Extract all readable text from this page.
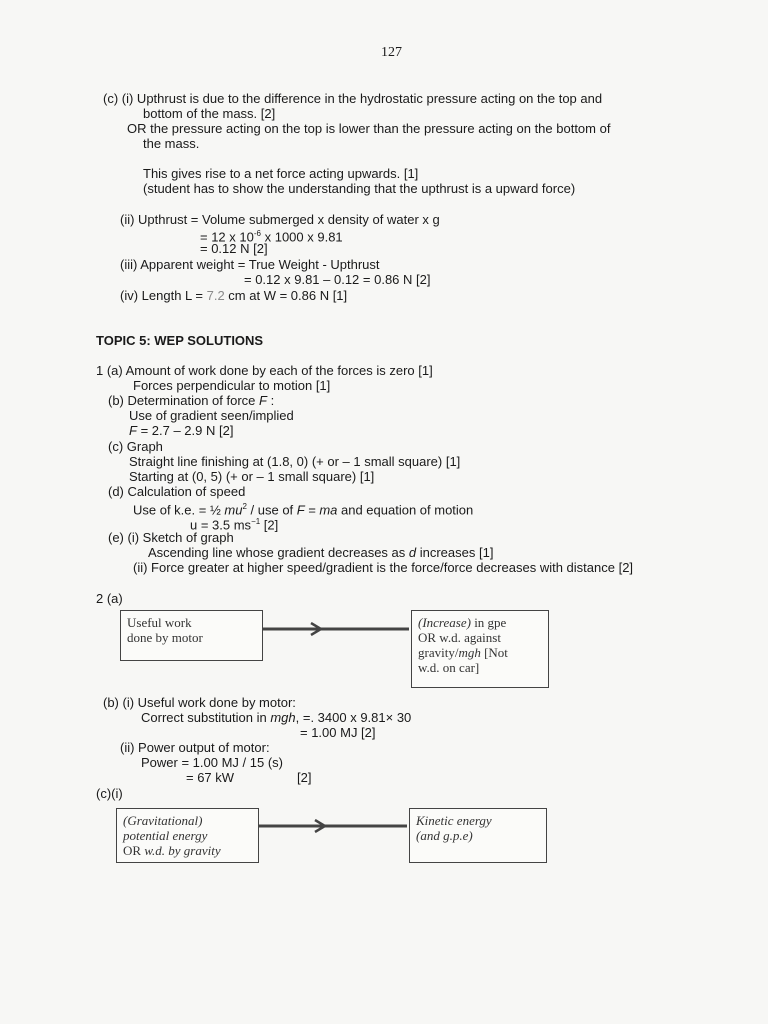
127
(c) (i) Upthrust is due to the difference in the hydrostatic pressure acting on the top and
bottom of the mass. [2]
OR the pressure acting on the top is lower than the pressure acting on the bottom of
the mass.
This gives rise to a net force acting upwards. [1]
(student has to show the understanding that the upthrust is a upward force)
(ii) Upthrust = Volume submerged x density of water x g
= 12 x $10^{-6}$ x 1000 x 9.81
= 0.12 N [2]
(iii) Apparent weight = True Weight - Upthrust
= 0.12 x 9.81 – 0.12 = 0.86 N [2]
(iv) Length L = 7.2 cm at W = 0.86 N [1]
TOPIC 5: WEP SOLUTIONS
1 (a) Amount of work done by each of the forces is zero [1]
Forces perpendicular to motion [1]
(b) Determination of force F :
Use of gradient seen/implied
F = 2.7 – 2.9 N [2]
(c) Graph
Straight line finishing at (1.8, 0) (+ or – 1 small square) [1]
Starting at (0, 5) (+ or – 1 small square) [1]
(d) Calculation of speed
Use of k.e. = ½ $mu^2$ / use of F = ma and equation of motion
u = 3.5 $ms^{-1}$ [2]
(e) (i) Sketch of graph
Ascending line whose gradient decreases as d increases [1]
(ii) Force greater at higher speed/gradient is the force/force decreases with distance [2]
2 (a)
Useful work
done by motor
(Increase) in gpe
OR w.d. against
gravity/mgh [Not
w.d. on car]
(b) (i) Useful work done by motor:
Correct substitution in mgh, =. 3400 x 9.81× 30
= 1.00 MJ [2]
(ii) Power output of motor:
Power = 1.00 MJ / 15 (s)
= 67 kW	[2]
(c)(i)
(Gravitational)
potential energy
OR w.d. by gravity
Kinetic energy
(and g.p.e)
